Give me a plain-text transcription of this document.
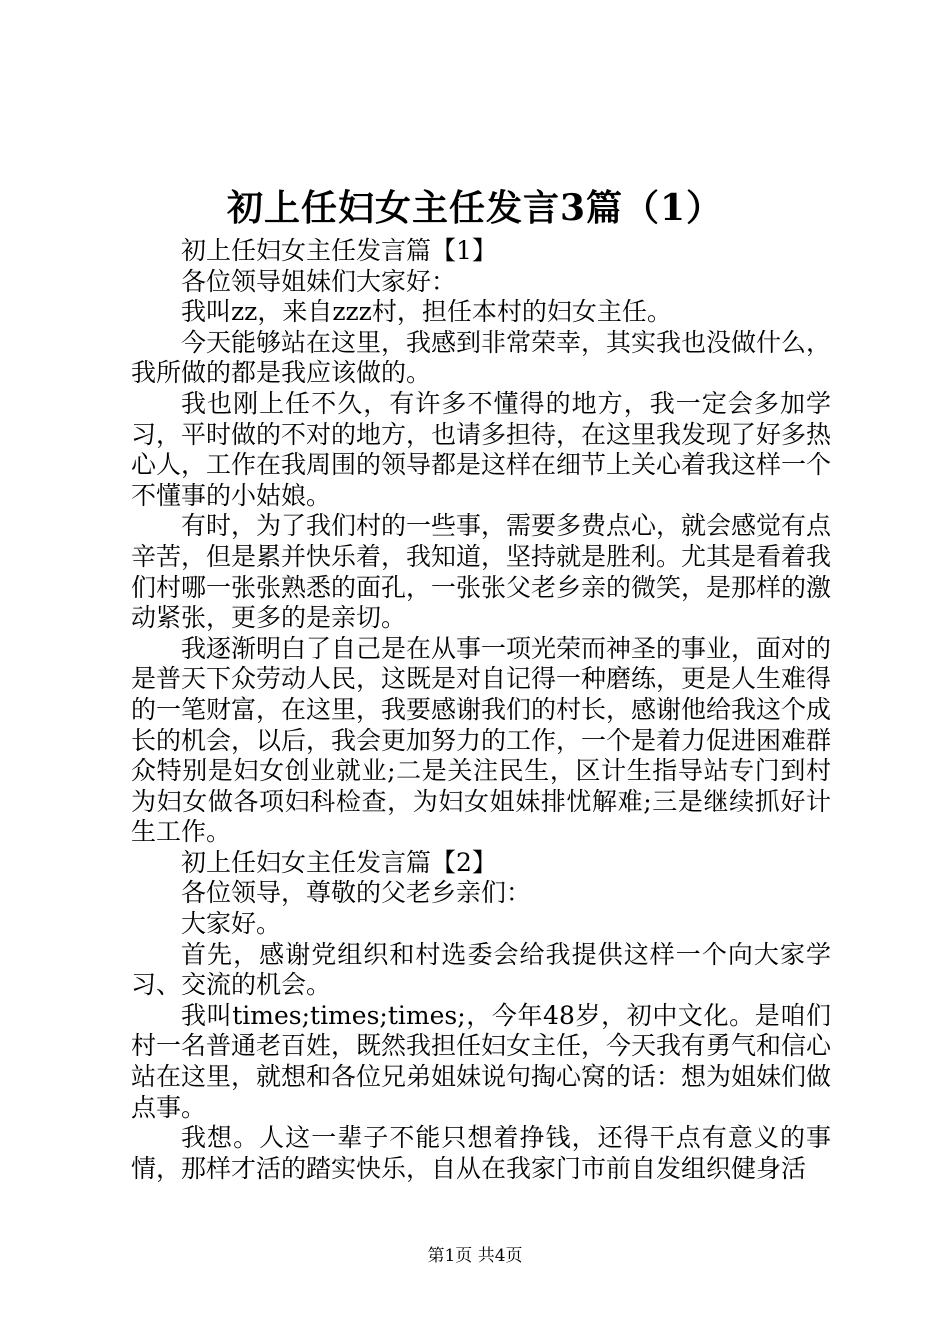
初上任妇女主任发言3篇（1）

初上任妇女主任发言篇【1】

各位领导姐妹们大家好：

我叫zz，来自zzz村，担任本村的妇女主任。

今天能够站在这里，我感到非常荣幸，其实我也没做什么，我所做的都是我应该做的。

我也刚上任不久，有许多不懂得的地方，我一定会多加学习，平时做的不对的地方，也请多担待，在这里我发现了好多热心人，工作在我周围的领导都是这样在细节上关心着我这样一个不懂事的小姑娘。

有时，为了我们村的一些事，需要多费点心，就会感觉有点辛苦，但是累并快乐着，我知道，坚持就是胜利。尤其是看着我们村哪一张张熟悉的面孔，一张张父老乡亲的微笑，是那样的激动紧张，更多的是亲切。

我逐渐明白了自己是在从事一项光荣而神圣的事业，面对的是普天下众劳动人民，这既是对自记得一种磨练，更是人生难得的一笔财富，在这里，我要感谢我们的村长，感谢他给我这个成长的机会，以后，我会更加努力的工作，一个是着力促进困难群众特别是妇女创业就业;二是关注民生，区计生指导站专门到村为妇女做各项妇科检查，为妇女姐妹排忧解难;三是继续抓好计生工作。

初上任妇女主任发言篇【2】

各位领导，尊敬的父老乡亲们：

大家好。

首先，感谢党组织和村选委会给我提供这样一个向大家学习、交流的机会。

我叫times;times;times;，今年48岁，初中文化。是咱们村一名普通老百姓，既然我担任妇女主任，今天我有勇气和信心站在这里，就想和各位兄弟姐妹说句掏心窝的话：想为姐妹们做点事。

我想。人这一辈子不能只想着挣钱，还得干点有意义的事情，那样才活的踏实快乐，自从在我家门市前自发组织健身活

第1页 共4页
